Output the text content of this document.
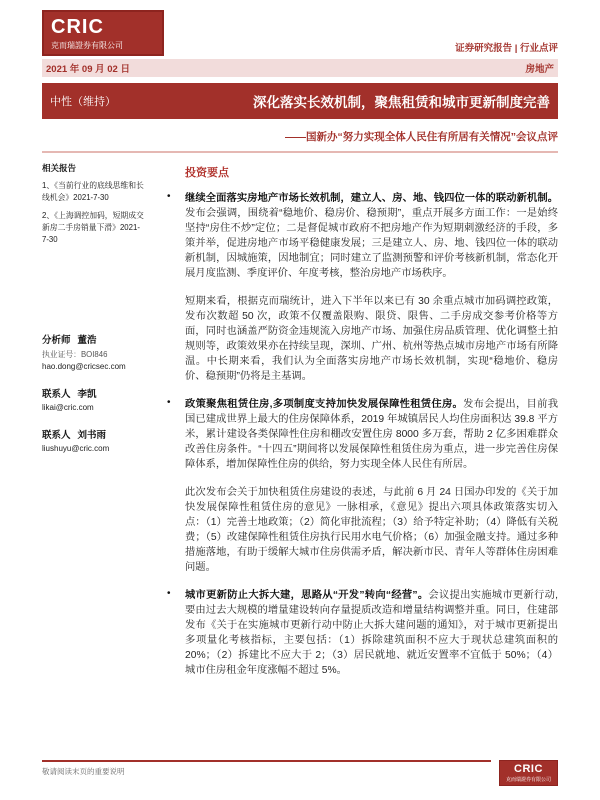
CRIC
克而瑞證券有限公司	证券研究报告 | 行业点评
2021 年 09 月 02 日	房地产
中性（维持）	深化落实长效机制，聚焦租赁和城市更新制度完善
——国新办“努力实现全体人民住有所居有关情况”会议点评
相关报告
1、《当前行业的底线思维和长线机会》2021-7-30
2、《上海调控加码，短期成交新房二手房销量下滑》2021-7-30
分析师 董浩
执业证号：BOI846
hao.dong@cricsec.com
联系人 李凯
likai@cric.com
联系人 刘书雨
liushuyu@cric.com
投资要点
•	继续全面落实房地产市场长效机制，建立人、房、地、钱四位一体的联动新机制。发布会强调，围绕着“稳地价、稳房价、稳预期”，重点开展多方面工作：一是始终坚持“房住不炒”定位；二是督促城市政府不把房地产作为短期刺激经济的手段，多策并举，促进房地产市场平稳健康发展；三是建立人、房、地、钱四位一体的联动新机制，因城施策，因地制宜；同时建立了监测预警和评价考核新机制，常态化开展月度监测、季度评价、年度考核，整治房地产市场秩序。
短期来看，根据克而瑞统计，进入下半年以来已有 30 余重点城市加码调控政策，发布次数超 50 次，政策不仅覆盖限购、限贷、限售、二手房成交参考价格等方面，同时也涵盖严防资金违规流入房地产市场、加强住房品质管理、优化调整土拍规则等，政策效果亦在持续呈现，深圳、广州、杭州等热点城市房地产市场有所降温。中长期来看，我们认为全面落实房地产市场长效机制，实现“稳地价、稳房价、稳预期”仍将是主基调。
•	政策聚焦租赁住房,多项制度支持加快发展保障性租赁住房。发布会提出，目前我国已建成世界上最大的住房保障体系，2019 年城镇居民人均住房面积达 39.8 平方米，累计建设各类保障性住房和棚改安置住房 8000 多万套，帮助 2 亿多困难群众改善住房条件。“十四五”期间将以发展保障性租赁住房为重点，进一步完善住房保障体系，增加保障性住房的供给，努力实现全体人民住有所居。
此次发布会关于加快租赁住房建设的表述，与此前 6 月 24 日国办印发的《关于加快发展保障性租赁住房的意见》一脉相承，《意见》提出六项具体政策落实切入点：（1）完善土地政策；（2）简化审批流程；（3）给予特定补助；（4）降低有关税费；（5）改建保障性租赁住房执行民用水电气价格；（6）加强金融支持。通过多种措施落地，有助于缓解大城市住房供需矛盾，解决新市民、青年人等群体住房困难问题。
•	城市更新防止大拆大建，思路从“开发”转向“经营”。会议提出实施城市更新行动,要由过去大规模的增量建设转向存量提质改造和增量结构调整并重。同日，住建部发布《关于在实施城市更新行动中防止大拆大建问题的通知》，对于城市更新提出多项量化考核指标，主要包括：（1）拆除建筑面积不应大于现状总建筑面积的 20%；（2）拆建比不应大于 2；（3）居民就地、就近安置率不宜低于 50%；（4）城市住房租金年度涨幅不超过 5%。
敬请阅读末页的重要说明	CRIC
克而瑞證券有限公司
